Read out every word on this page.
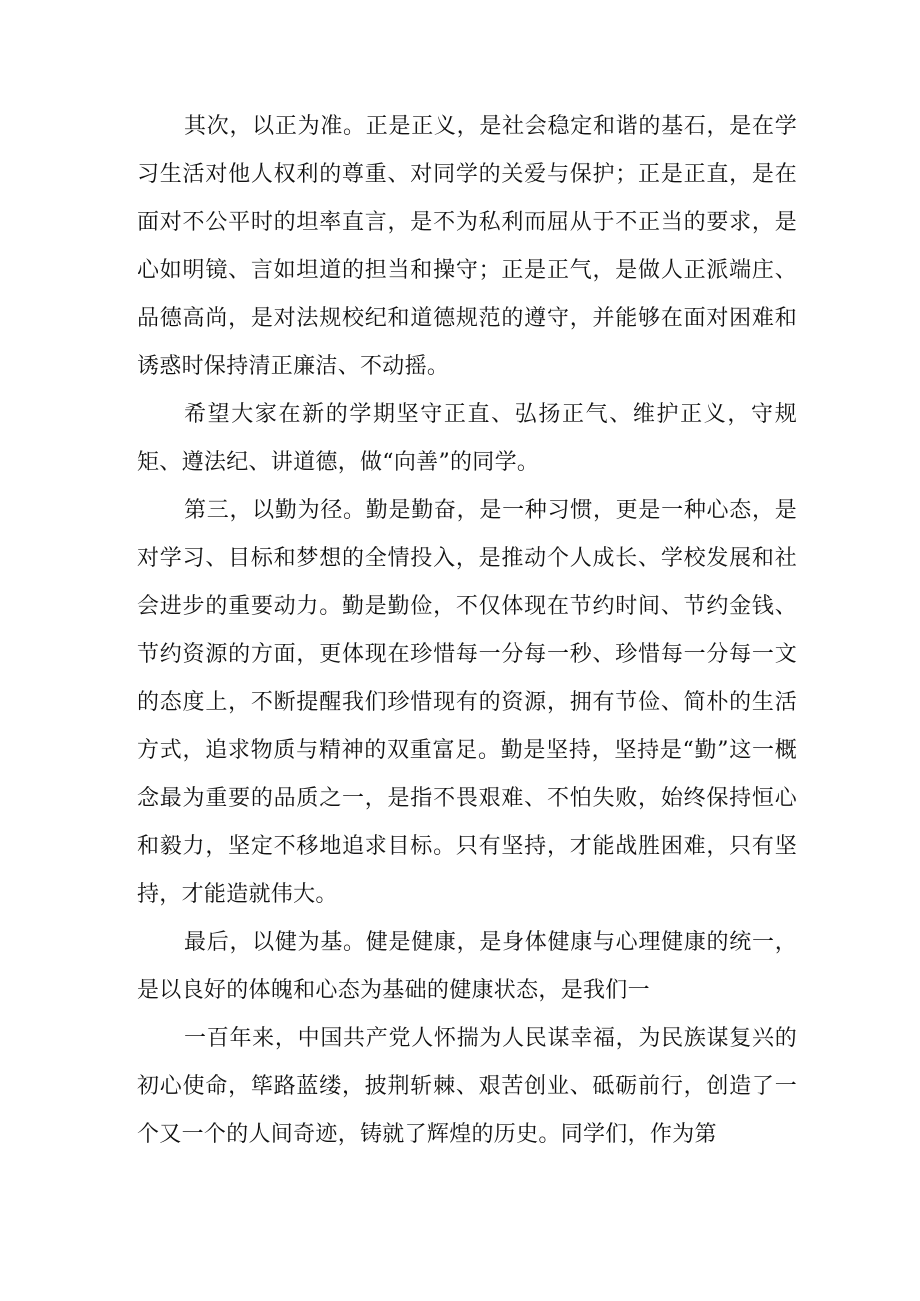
其次，以正为准。正是正义，是社会稳定和谐的基石，是在学习生活对他人权利的尊重、对同学的关爱与保护；正是正直，是在面对不公平时的坦率直言，是不为私利而屈从于不正当的要求，是心如明镜、言如坦道的担当和操守；正是正气，是做人正派端庄、品德高尚，是对法规校纪和道德规范的遵守，并能够在面对困难和诱惑时保持清正廉洁、不动摇。

希望大家在新的学期坚守正直、弘扬正气、维护正义，守规矩、遵法纪、讲道德，做“向善”的同学。

第三，以勤为径。勤是勤奋，是一种习惯，更是一种心态，是对学习、目标和梦想的全情投入，是推动个人成长、学校发展和社会进步的重要动力。勤是勤俭，不仅体现在节约时间、节约金钱、节约资源的方面，更体现在珍惜每一分每一秒、珍惜每一分每一文的态度上，不断提醒我们珍惜现有的资源，拥有节俭、简朴的生活方式，追求物质与精神的双重富足。勤是坚持，坚持是“勤”这一概念最为重要的品质之一，是指不畏艰难、不怕失败，始终保持恒心和毅力，坚定不移地追求目标。只有坚持，才能战胜困难，只有坚持，才能造就伟大。

最后，以健为基。健是健康，是身体健康与心理健康的统一，是以良好的体魄和心态为基础的健康状态，是我们一

一百年来，中国共产党人怀揣为人民谋幸福，为民族谋复兴的初心使命，筚路蓝缕，披荆斩棘、艰苦创业、砥砺前行，创造了一个又一个的人间奇迹，铸就了辉煌的历史。同学们，作为第
